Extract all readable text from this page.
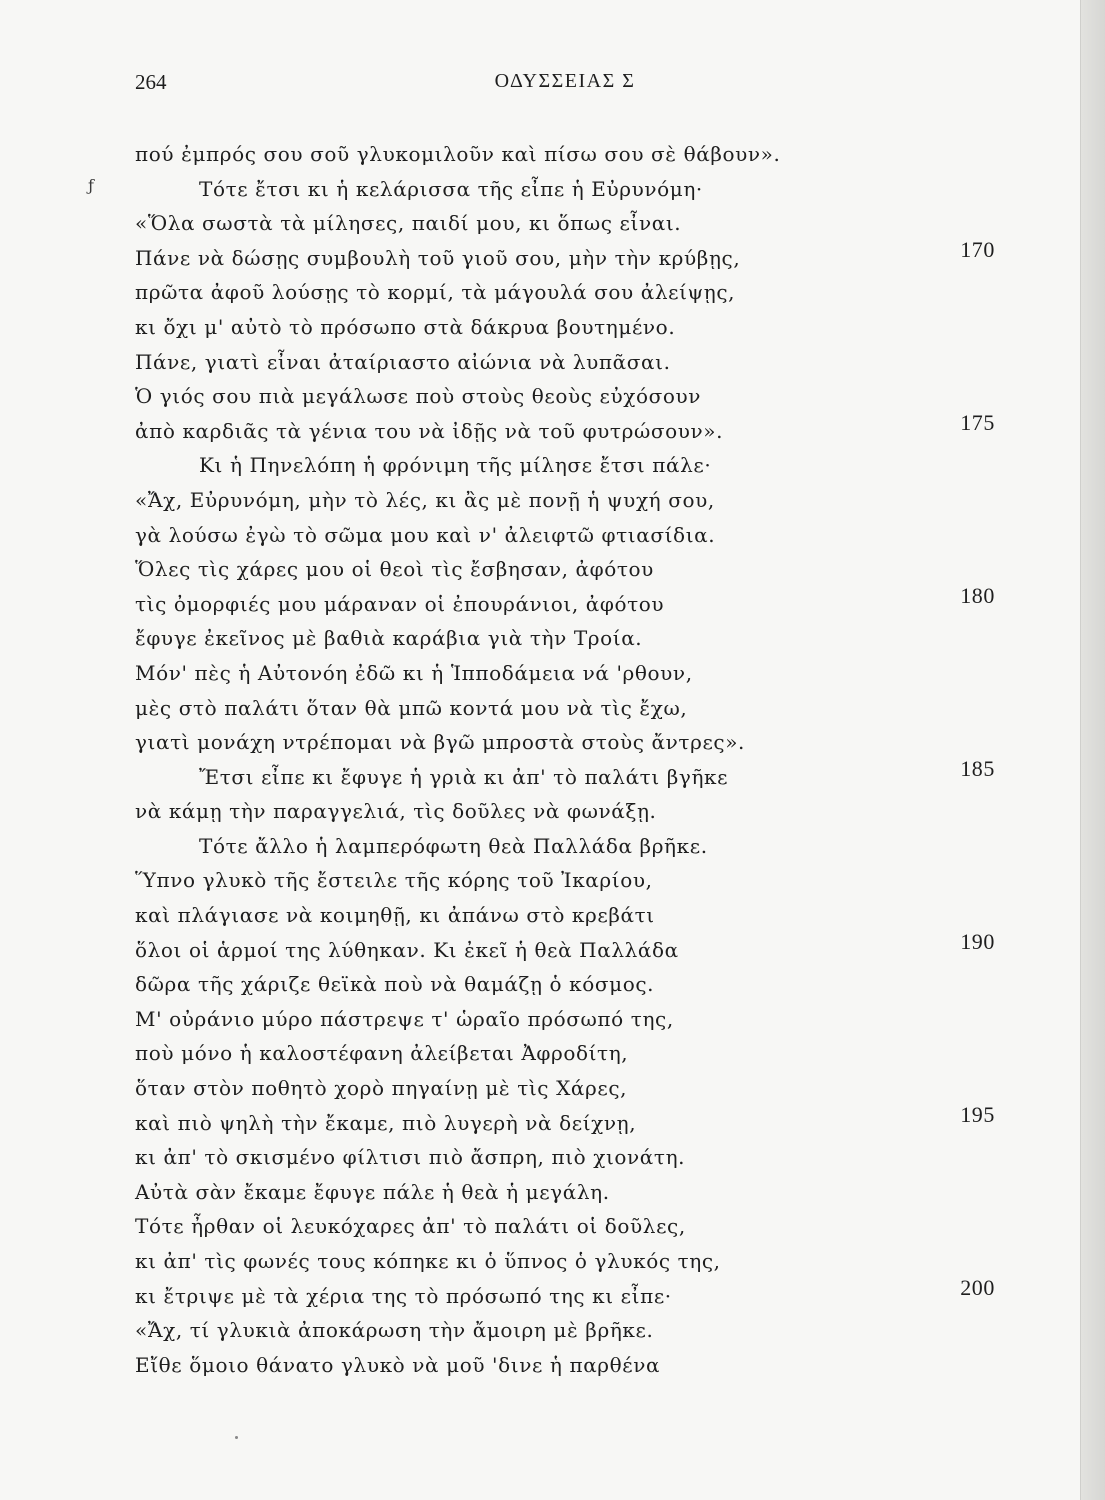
264	ΟΔΥΣΣΕΙΑΣ Σ
ƒ
πού ἐμπρός σου σοῦ γλυκομιλοῦν καὶ πίσω σου σὲ θάβουν».
Τότε ἔτσι κι ἡ κελάρισσα τῆς εἶπε ἡ Εὐρυνόμη·
«Ὅλα σωστὰ τὰ μίλησες, παιδί μου, κι ὅπως εἶναι.
Πάνε νὰ δώσῃς συμβουλὴ τοῦ γιοῦ σου, μὴν τὴν κρύβῃς,	170
πρῶτα ἀφοῦ λούσῃς τὸ κορμί, τὰ μάγουλά σου ἀλείψῃς,
κι ὄχι μ' αὐτὸ τὸ πρόσωπο στὰ δάκρυα βουτημένο.
Πάνε, γιατὶ εἶναι ἀταίριαστο αἰώνια νὰ λυπᾶσαι.
Ὁ γιός σου πιὰ μεγάλωσε ποὺ στοὺς θεοὺς εὐχόσουν
ἀπὸ καρδιᾶς τὰ γένια του νὰ ἰδῇς νὰ τοῦ φυτρώσουν».	175
Κι ἡ Πηνελόπη ἡ φρόνιμη τῆς μίλησε ἔτσι πάλε·
«Ἄχ, Εὐρυνόμη, μὴν τὸ λές, κι ἂς μὲ πονῇ ἡ ψυχή σου,
γὰ λούσω ἐγὼ τὸ σῶμα μου καὶ ν' ἀλειφτῶ φτιασίδια.
Ὅλες τὶς χάρες μου οἱ θεοὶ τὶς ἔσβησαν, ἀφότου
τὶς ὀμορφιές μου μάραναν οἱ ἐπουράνιοι, ἀφότου	180
ἔφυγε ἐκεῖνος μὲ βαθιὰ καράβια γιὰ τὴν Τροία.
Μόν' πὲς ἡ Αὐτονόη ἐδῶ κι ἡ Ἱπποδάμεια νά 'ρθουν,
μὲς στὸ παλάτι ὅταν θὰ μπῶ κοντά μου νὰ τὶς ἔχω,
γιατὶ μονάχη ντρέπομαι νὰ βγῶ μπροστὰ στοὺς ἄντρες».
Ἔτσι εἶπε κι ἔφυγε ἡ γριὰ κι ἀπ' τὸ παλάτι βγῆκε	185
νὰ κάμῃ τὴν παραγγελιά, τὶς δοῦλες νὰ φωνάξῃ.
Τότε ἄλλο ἡ λαμπερόφωτη θεὰ Παλλάδα βρῆκε.
Ὕπνο γλυκὸ τῆς ἔστειλε τῆς κόρης τοῦ Ἰκαρίου,
καὶ πλάγιασε νὰ κοιμηθῇ, κι ἀπάνω στὸ κρεβάτι
ὅλοι οἱ ἁρμοί της λύθηκαν. Κι ἐκεῖ ἡ θεὰ Παλλάδα	190
δῶρα τῆς χάριζε θεϊκὰ ποὺ νὰ θαμάζῃ ὁ κόσμος.
Μ' οὐράνιο μύρο πάστρεψε τ' ὡραῖο πρόσωπό της,
ποὺ μόνο ἡ καλοστέφανη ἀλείβεται Ἀφροδίτη,
ὅταν στὸν ποθητὸ χορὸ πηγαίνῃ μὲ τὶς Χάρες,
καὶ πιὸ ψηλὴ τὴν ἔκαμε, πιὸ λυγερὴ νὰ δείχνῃ,	195
κι ἀπ' τὸ σκισμένο φίλτισι πιὸ ἄσπρη, πιὸ χιονάτη.
Αὐτὰ σὰν ἔκαμε ἔφυγε πάλε ἡ θεὰ ἡ μεγάλη.
Τότε ἦρθαν οἱ λευκόχαρες ἀπ' τὸ παλάτι οἱ δοῦλες,
κι ἀπ' τὶς φωνές τους κόπηκε κι ὁ ὕπνος ὁ γλυκός της,
κι ἔτριψε μὲ τὰ χέρια της τὸ πρόσωπό της κι εἶπε·	200
«Ἄχ, τί γλυκιὰ ἀποκάρωση τὴν ἄμοιρη μὲ βρῆκε.
Εἴθε ὅμοιο θάνατο γλυκὸ νὰ μοῦ 'δινε ἡ παρθένα
